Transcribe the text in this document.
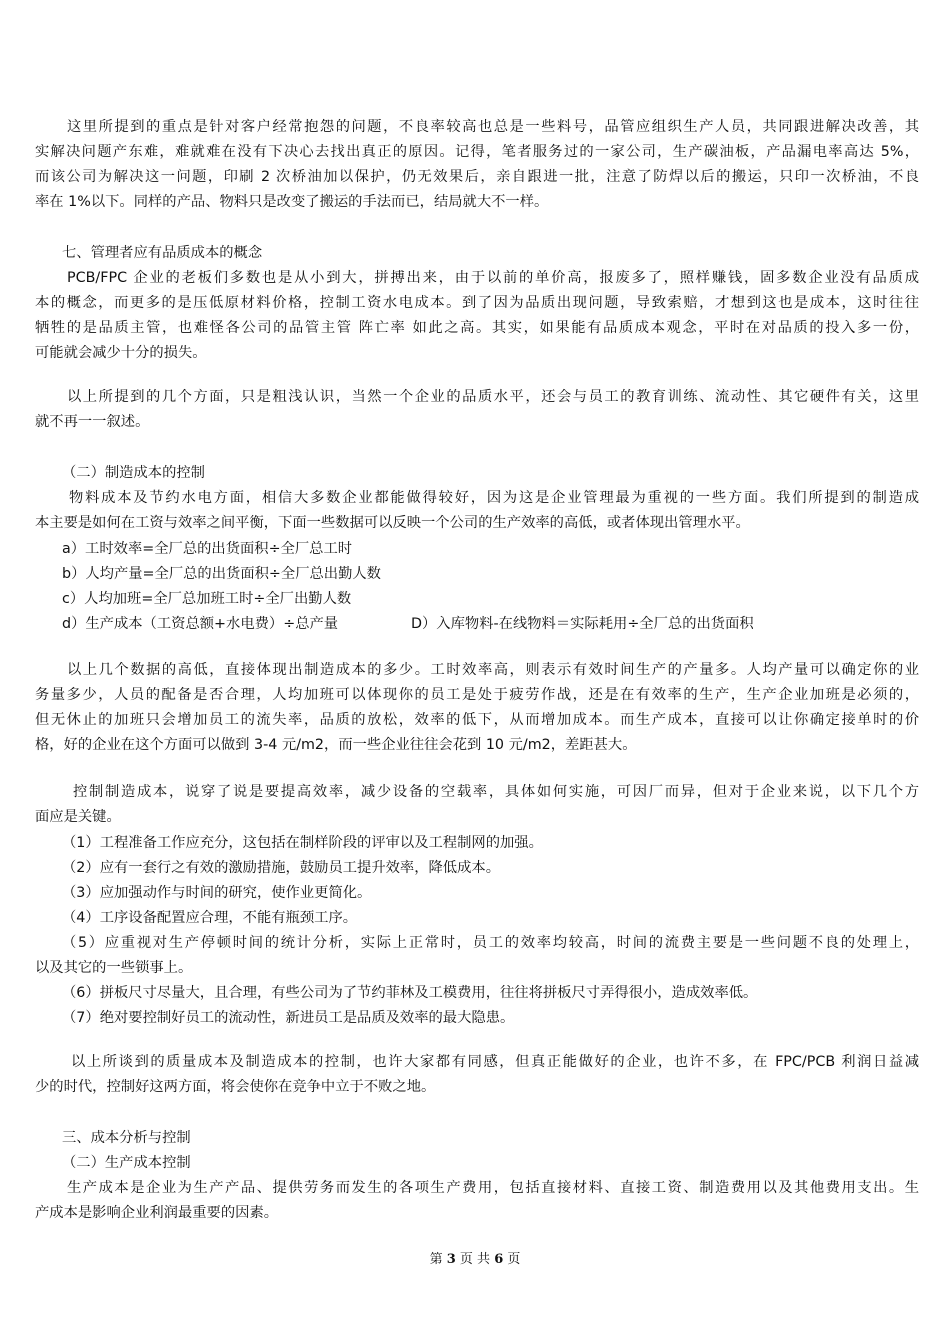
这里所提到的重点是针对客户经常抱怨的问题，不良率较高也总是一些料号，品管应组织生产人员，共同跟进解决改善，其
实解决问题产东难，难就难在没有下决心去找出真正的原因。记得，笔者服务过的一家公司，生产碳油板，产品漏电率高达 5%，
而该公司为解决这一问题，印刷 2 次桥油加以保护，仍无效果后，亲自跟进一批，注意了防焊以后的搬运，只印一次桥油，不良
率在 1%以下。同样的产品、物料只是改变了搬运的手法而已，结局就大不一样。
七、管理者应有品质成本的概念
PCB/FPC 企业的老板们多数也是从小到大，拼搏出来，由于以前的单价高，报废多了，照样赚钱，固多数企业没有品质成
本的概念，而更多的是压低原材料价格，控制工资水电成本。到了因为品质出现问题，导致索赔，才想到这也是成本，这时往往
牺牲的是品质主管，也难怪各公司的品管主管 阵亡率 如此之高。其实，如果能有品质成本观念，平时在对品质的投入多一份，
可能就会减少十分的损失。
以上所提到的几个方面，只是粗浅认识，当然一个企业的品质水平，还会与员工的教育训练、流动性、其它硬件有关，这里
就不再一一叙述。
（二）制造成本的控制
物料成本及节约水电方面，相信大多数企业都能做得较好，因为这是企业管理最为重视的一些方面。我们所提到的制造成
本主要是如何在工资与效率之间平衡，下面一些数据可以反映一个公司的生产效率的高低，或者体现出管理水平。
a）工时效率=全厂总的出货面积÷全厂总工时
b）人均产量=全厂总的出货面积÷全厂总出勤人数
c）人均加班=全厂总加班工时÷全厂出勤人数
d）生产成本（工资总额+水电费）÷总产量	D）入库物料-在线物料＝实际耗用÷全厂总的出货面积
以上几个数据的高低，直接体现出制造成本的多少。工时效率高，则表示有效时间生产的产量多。人均产量可以确定你的业
务量多少，人员的配备是否合理，人均加班可以体现你的员工是处于疲劳作战，还是在有效率的生产，生产企业加班是必须的，
但无休止的加班只会增加员工的流失率，品质的放松，效率的低下，从而增加成本。而生产成本，直接可以让你确定接单时的价
格，好的企业在这个方面可以做到 3-4 元/m2，而一些企业往往会花到 10 元/m2，差距甚大。
控制制造成本，说穿了说是要提高效率，减少设备的空载率，具体如何实施，可因厂而异，但对于企业来说，以下几个方
面应是关键。
（1）工程准备工作应充分，这包括在制样阶段的评审以及工程制网的加强。
（2）应有一套行之有效的激励措施，鼓励员工提升效率，降低成本。
（3）应加强动作与时间的研究，使作业更简化。
（4）工序设备配置应合理，不能有瓶颈工序。
（5）应重视对生产停顿时间的统计分析，实际上正常时，员工的效率均较高，时间的流费主要是一些问题不良的处理上，
以及其它的一些锁事上。
（6）拼板尺寸尽量大，且合理，有些公司为了节约菲林及工模费用，往往将拼板尺寸弄得很小，造成效率低。
（7）绝对要控制好员工的流动性，新进员工是品质及效率的最大隐患。
以上所谈到的质量成本及制造成本的控制，也许大家都有同感，但真正能做好的企业，也许不多，在 FPC/PCB 利润日益减
少的时代，控制好这两方面，将会使你在竞争中立于不败之地。
三、成本分析与控制
（二）生产成本控制
生产成本是企业为生产产品、提供劳务而发生的各项生产费用，包括直接材料、直接工资、制造费用以及其他费用支出。生
产成本是影响企业利润最重要的因素。
第 3 页 共 6 页
